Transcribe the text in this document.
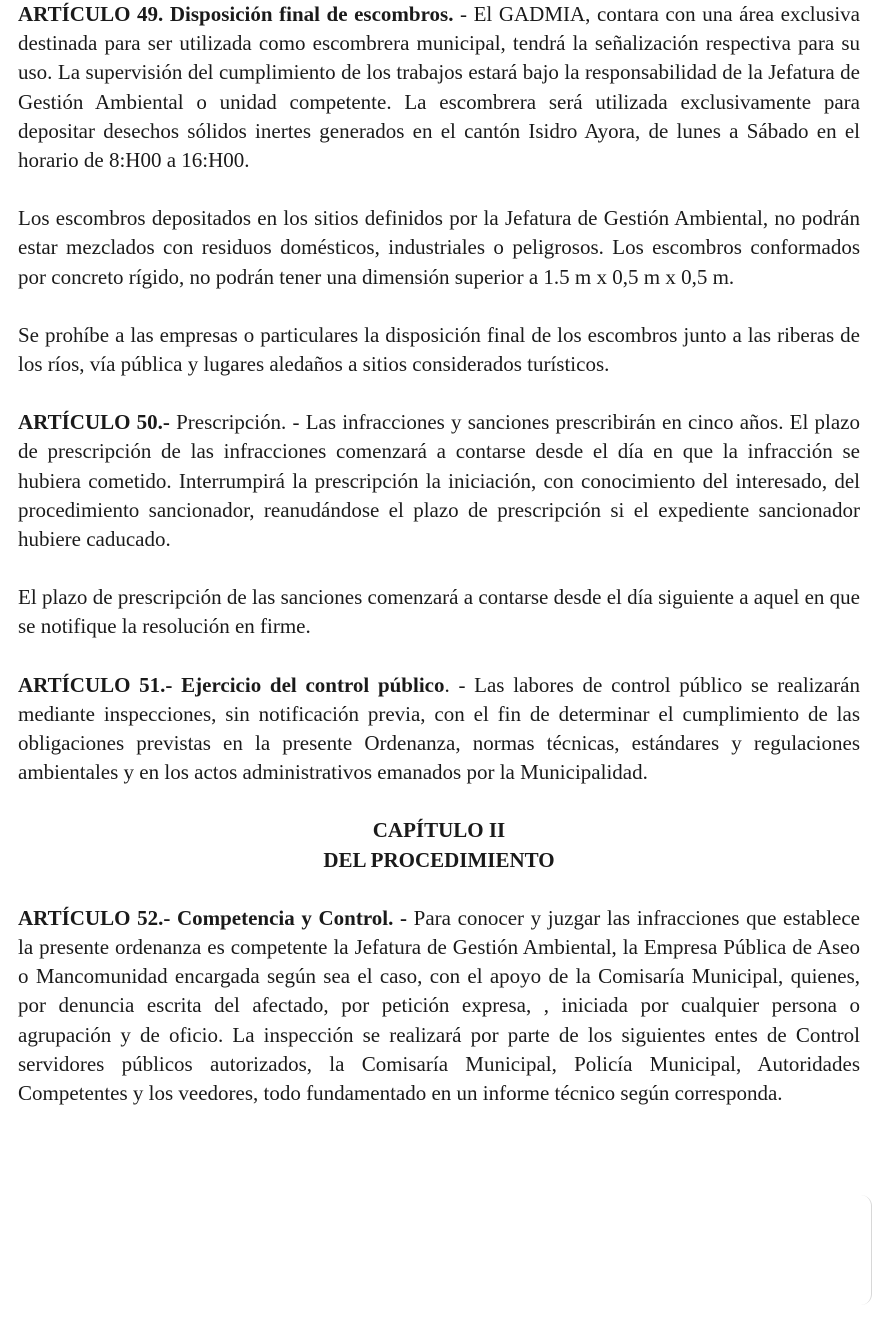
ARTÍCULO 49. Disposición final de escombros. - El GADMIA, contara con una área exclusiva destinada para ser utilizada como escombrera municipal, tendrá la señalización respectiva para su uso. La supervisión del cumplimiento de los trabajos estará bajo la responsabilidad de la Jefatura de Gestión Ambiental o unidad competente. La escombrera será utilizada exclusivamente para depositar desechos sólidos inertes generados en el cantón Isidro Ayora, de lunes a Sábado en el horario de 8:H00 a 16:H00.

Los escombros depositados en los sitios definidos por la Jefatura de Gestión Ambiental, no podrán estar mezclados con residuos domésticos, industriales o peligrosos. Los escombros conformados por concreto rígido, no podrán tener una dimensión superior a 1.5 m x 0,5 m x 0,5 m.

Se prohíbe a las empresas o particulares la disposición final de los escombros junto a las riberas de los ríos, vía pública y lugares aledaños a sitios considerados turísticos.

ARTÍCULO 50.- Prescripción. - Las infracciones y sanciones prescribirán en cinco años. El plazo de prescripción de las infracciones comenzará a contarse desde el día en que la infracción se hubiera cometido. Interrumpirá la prescripción la iniciación, con conocimiento del interesado, del procedimiento sancionador, reanudándose el plazo de prescripción si el expediente sancionador hubiere caducado.

El plazo de prescripción de las sanciones comenzará a contarse desde el día siguiente a aquel en que se notifique la resolución en firme.

ARTÍCULO 51.- Ejercicio del control público. - Las labores de control público se realizarán mediante inspecciones, sin notificación previa, con el fin de determinar el cumplimiento de las obligaciones previstas en la presente Ordenanza, normas técnicas, estándares y regulaciones ambientales y en los actos administrativos emanados por la Municipalidad.

CAPÍTULO II

DEL PROCEDIMIENTO

ARTÍCULO 52.- Competencia y Control. - Para conocer y juzgar las infracciones que establece la presente ordenanza es competente la Jefatura de Gestión Ambiental, la Empresa Pública de Aseo o Mancomunidad encargada según sea el caso, con el apoyo de la Comisaría Municipal, quienes, por denuncia escrita del afectado, por petición expresa, , iniciada por cualquier persona o agrupación y de oficio. La inspección se realizará por parte de los siguientes entes de Control servidores públicos autorizados, la Comisaría Municipal, Policía Municipal, Autoridades Competentes y los veedores, todo fundamentado en un informe técnico según corresponda.
